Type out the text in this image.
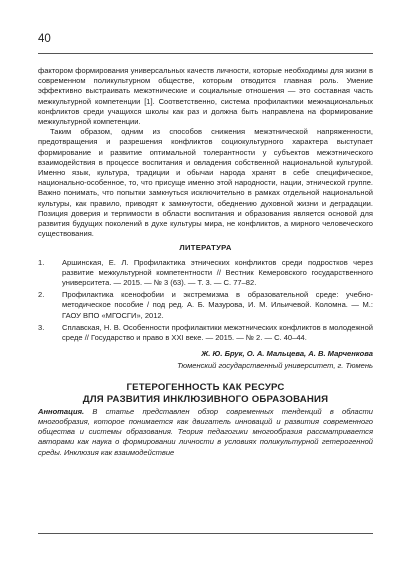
40

фактором формирования универсальных качеств личности, которые необходимы для жизни в современном поликультурном обществе, которым отводится главная роль. Умение эффективно выстраивать межэтнические и социальные отношения — это составная часть межкультурной компетенции [1]. Соответственно, система профилактики межнациональных конфликтов среди учащихся школы как раз и должна быть направлена на формирование межкультурной компетенции.

Таким образом, одним из способов снижения межэтнической напряженности, предотвращения и разрешения конфликтов социокультурного характера выступает формирование и развитие оптимальной толерантности у субъектов межэтнического взаимодействия в процессе воспитания и овладения собственной национальной культурой. Именно язык, культура, традиции и обычаи народа хранят в себе специфическое, национально-особенное, то, что присуще именно этой народности, нации, этнической группе. Важно понимать, что попытки замкнуться исключительно в рамках отдельной национальной культуры, как правило, приводят к замкнутости, обеднению духовной жизни и деградации. Позиция доверия и терпимости в области воспитания и образования является основой для развития будущих поколений в духе культуры мира, не конфликтов, а мирного человеческого существования.

ЛИТЕРАТУРА
1. Аршинская, Е. Л. Профилактика этнических конфликтов среди подростков через развитие межкультурной компетентности // Вестник Кемеровского государственного университета. — 2015. — № 3 (63). — Т. 3. — С. 77–82.
2. Профилактика ксенофобии и экстремизма в образовательной среде: учебно-методическое пособие / под ред. А. Б. Мазурова, И. М. Ильичевой. Коломна. — М.: ГАОУ ВПО «МГОСГИ», 2012.
3. Сплавская, Н. В. Особенности профилактики межэтнических конфликтов в молодежной среде // Государство и право в XXI веке. — 2015. — № 2. — С. 40–44.
Ж. Ю. Брук, О. А. Мальцева, А. В. Марченкова
Тюменский государственный университет, г. Тюмень
ГЕТЕРОГЕННОСТЬ КАК РЕСУРС
ДЛЯ РАЗВИТИЯ ИНКЛЮЗИВНОГО ОБРАЗОВАНИЯ

Аннотация. В статье представлен обзор современных тенденций в области многообразия, которое понимается как двигатель инноваций и развития современного общества и системы образования. Теория педагогики многообразия рассматривается авторами как наука о формировании личности в условиях поликультурной гетерогенной среды. Инклюзия как взаимодействие
